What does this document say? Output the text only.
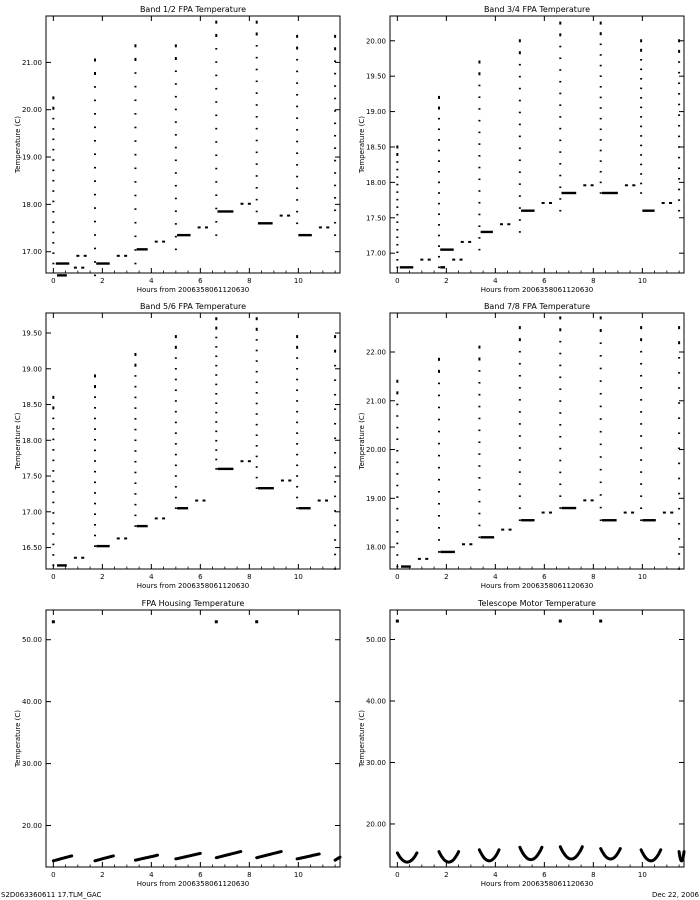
Band 1/2 FPA Temperature
0	2	4	6	8	10
17.00
18.00
19.00
20.00
21.00
Hours from 2006358061120630
Temperature (C)
Band 3/4 FPA Temperature
0	2	4	6	8	10
17.00
17.50
18.00
18.50
19.00
19.50
20.00
Hours from 2006358061120630
Temperature (C)
Band 5/6 FPA Temperature
0	2	4	6	8	10
16.50
17.00
17.50
18.00
18.50
19.00
19.50
Hours from 2006358061120630
Temperature (C)
Band 7/8 FPA Temperature
0	2	4	6	8	10
18.00
19.00
20.00
21.00
22.00
Hours from 2006358061120630
Temperature (C)
FPA Housing Temperature
0	2	4	6	8	10
20.00
30.00
40.00
50.00
Hours from 2006358061120630
Temperature (C)
Telescope Motor Temperature
0	2	4	6	8	10
20.00
30.00
40.00
50.00
Hours from 2006358061120630
Temperature (C)
S2D063360611 17.TLM_GAC	Dec 22, 2006
